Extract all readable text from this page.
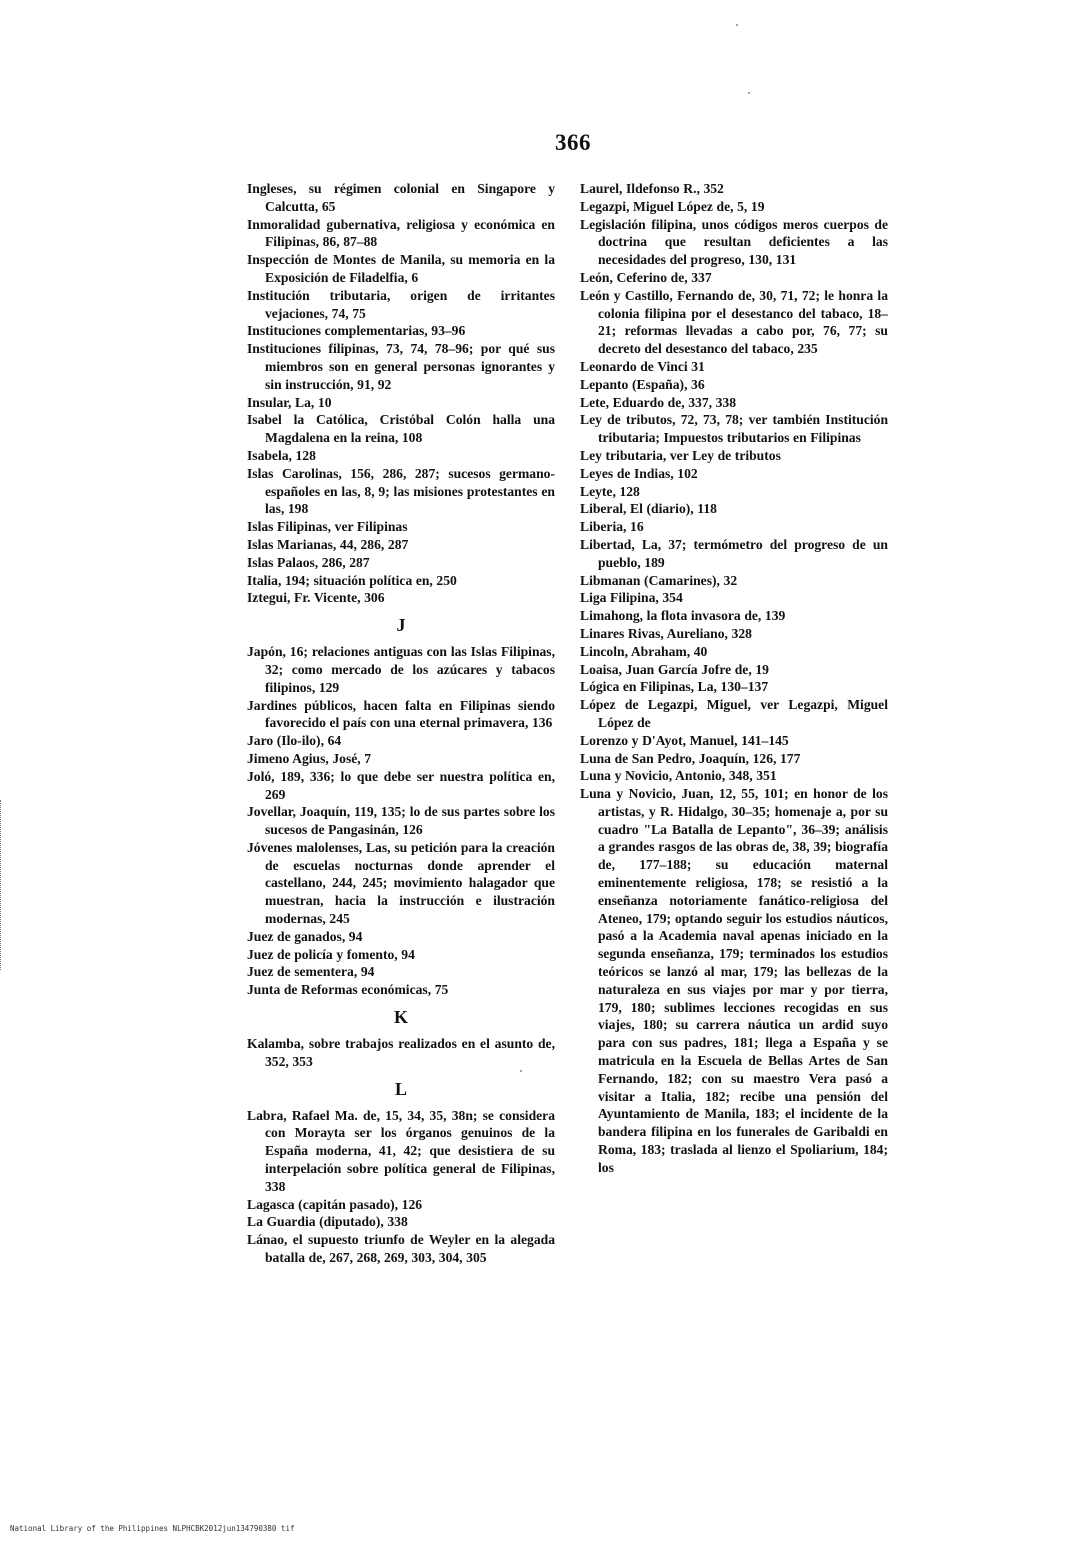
366

Ingleses, su régimen colonial en Singapore y Calcutta, 65

Inmoralidad gubernativa, religiosa y económica en Filipinas, 86, 87–88

Inspección de Montes de Manila, su memoria en la Exposición de Filadelfia, 6

Institución tributaria, origen de irritantes vejaciones, 74, 75

Instituciones complementarias, 93–96

Instituciones filipinas, 73, 74, 78–96; por qué sus miembros son en general personas ignorantes y sin instrucción, 91, 92

Insular, La, 10

Isabel la Católica, Cristóbal Colón halla una Magdalena en la reina, 108

Isabela, 128

Islas Carolinas, 156, 286, 287; sucesos germano-españoles en las, 8, 9; las misiones protestantes en las, 198

Islas Filipinas, ver Filipinas

Islas Marianas, 44, 286, 287

Islas Palaos, 286, 287

Italia, 194; situación política en, 250

Iztegui, Fr. Vicente, 306

J

Japón, 16; relaciones antiguas con las Islas Filipinas, 32; como mercado de los azúcares y tabacos filipinos, 129

Jardines públicos, hacen falta en Filipinas siendo favorecido el país con una eternal primavera, 136

Jaro (Ilo-ilo), 64

Jimeno Agius, José, 7

Joló, 189, 336; lo que debe ser nuestra política en, 269

Jovellar, Joaquín, 119, 135; lo de sus partes sobre los sucesos de Pangasinán, 126

Jóvenes malolenses, Las, su petición para la creación de escuelas nocturnas donde aprender el castellano, 244, 245; movimiento halagador que muestran, hacia la instrucción e ilustración modernas, 245

Juez de ganados, 94

Juez de policía y fomento, 94

Juez de sementera, 94

Junta de Reformas económicas, 75

K

Kalamba, sobre trabajos realizados en el asunto de, 352, 353

L

Labra, Rafael Ma. de, 15, 34, 35, 38n; se considera con Morayta ser los órganos genuinos de la España moderna, 41, 42; que desistiera de su interpelación sobre política general de Filipinas, 338

Lagasca (capitán pasado), 126

La Guardia (diputado), 338

Lánao, el supuesto triunfo de Weyler en la alegada batalla de, 267, 268, 269, 303, 304, 305

Laurel, Ildefonso R., 352

Legazpi, Miguel López de, 5, 19

Legislación filipina, unos códigos meros cuerpos de doctrina que resultan deficientes a las necesidades del progreso, 130, 131

León, Ceferino de, 337

León y Castillo, Fernando de, 30, 71, 72; le honra la colonia filipina por el desestanco del tabaco, 18–21; reformas llevadas a cabo por, 76, 77; su decreto del desestanco del tabaco, 235

Leonardo de Vinci 31

Lepanto (España), 36

Lete, Eduardo de, 337, 338

Ley de tributos, 72, 73, 78; ver también Institución tributaria; Impuestos tributarios en Filipinas

Ley tributaria, ver Ley de tributos

Leyes de Indias, 102

Leyte, 128

Liberal, El (diario), 118

Liberia, 16

Libertad, La, 37; termómetro del progreso de un pueblo, 189

Libmanan (Camarines), 32

Liga Filipina, 354

Limahong, la flota invasora de, 139

Linares Rivas, Aureliano, 328

Lincoln, Abraham, 40

Loaisa, Juan García Jofre de, 19

Lógica en Filipinas, La, 130–137

López de Legazpi, Miguel, ver Legazpi, Miguel López de

Lorenzo y D'Ayot, Manuel, 141–145

Luna de San Pedro, Joaquín, 126, 177

Luna y Novicio, Antonio, 348, 351

Luna y Novicio, Juan, 12, 55, 101; en honor de los artistas, y R. Hidalgo, 30–35; homenaje a, por su cuadro "La Batalla de Lepanto", 36–39; análisis a grandes rasgos de las obras de, 38, 39; biografía de, 177–188; su educación maternal eminentemente religiosa, 178; se resistió a la enseñanza notoriamente fanático-religiosa del Ateneo, 179; optando seguir los estudios náuticos, pasó a la Academia naval apenas iniciado en la segunda enseñanza, 179; terminados los estudios teóricos se lanzó al mar, 179; las bellezas de la naturaleza en sus viajes por mar y por tierra, 179, 180; sublimes lecciones recogidas en sus viajes, 180; su carrera náutica un ardid suyo para con sus padres, 181; llega a España y se matricula en la Escuela de Bellas Artes de San Fernando, 182; con su maestro Vera pasó a visitar a Italia, 182; recibe una pensión del Ayuntamiento de Manila, 183; el incidente de la bandera filipina en los funerales de Garibaldi en Roma, 183; traslada al lienzo el Spoliarium, 184; los

National Library of the Philippines NLPHCBK2012jun134790380 tif
